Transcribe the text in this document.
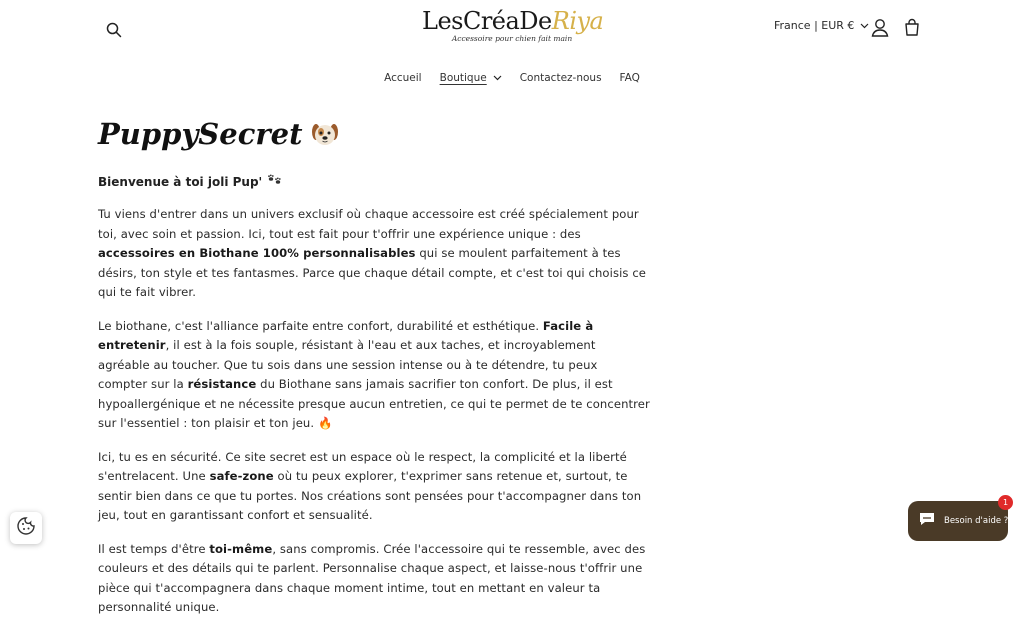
LesCréaDeRiya
Accessoire pour chien fait main
France | EUR €
Accueil Boutique	Contactez-nous FAQ
PuppySecret
Bienvenue à toi joli Pup'

Tu viens d'entrer dans un univers exclusif où chaque accessoire est créé spécialement pour toi, avec soin et passion. Ici, tout est fait pour t'offrir une expérience unique : des accessoires en Biothane 100% personnalisables qui se moulent parfaitement à tes désirs, ton style et tes fantasmes. Parce que chaque détail compte, et c'est toi qui choisis ce qui te fait vibrer.

Le biothane, c'est l'alliance parfaite entre confort, durabilité et esthétique. Facile à entretenir, il est à la fois souple, résistant à l'eau et aux taches, et incroyablement agréable au toucher. Que tu sois dans une session intense ou à te détendre, tu peux compter sur la résistance du Biothane sans jamais sacrifier ton confort. De plus, il est hypoallergénique et ne nécessite presque aucun entretien, ce qui te permet de te concentrer sur l'essentiel : ton plaisir et ton jeu. 🔥

Ici, tu es en sécurité. Ce site secret est un espace où le respect, la complicité et la liberté s'entrelacent. Une safe-zone où tu peux explorer, t'exprimer sans retenue et, surtout, te sentir bien dans ce que tu portes. Nos créations sont pensées pour t'accompagner dans ton jeu, tout en garantissant confort et sensualité.

Il est temps d'être toi-même, sans compromis. Crée l'accessoire qui te ressemble, avec des couleurs et des détails qui te parlent. Personnalise chaque aspect, et laisse-nous t'offrir une pièce qui t'accompagnera dans chaque moment intime, tout en mettant en valeur ta personnalité unique.

Besoin d'aide ?
1
